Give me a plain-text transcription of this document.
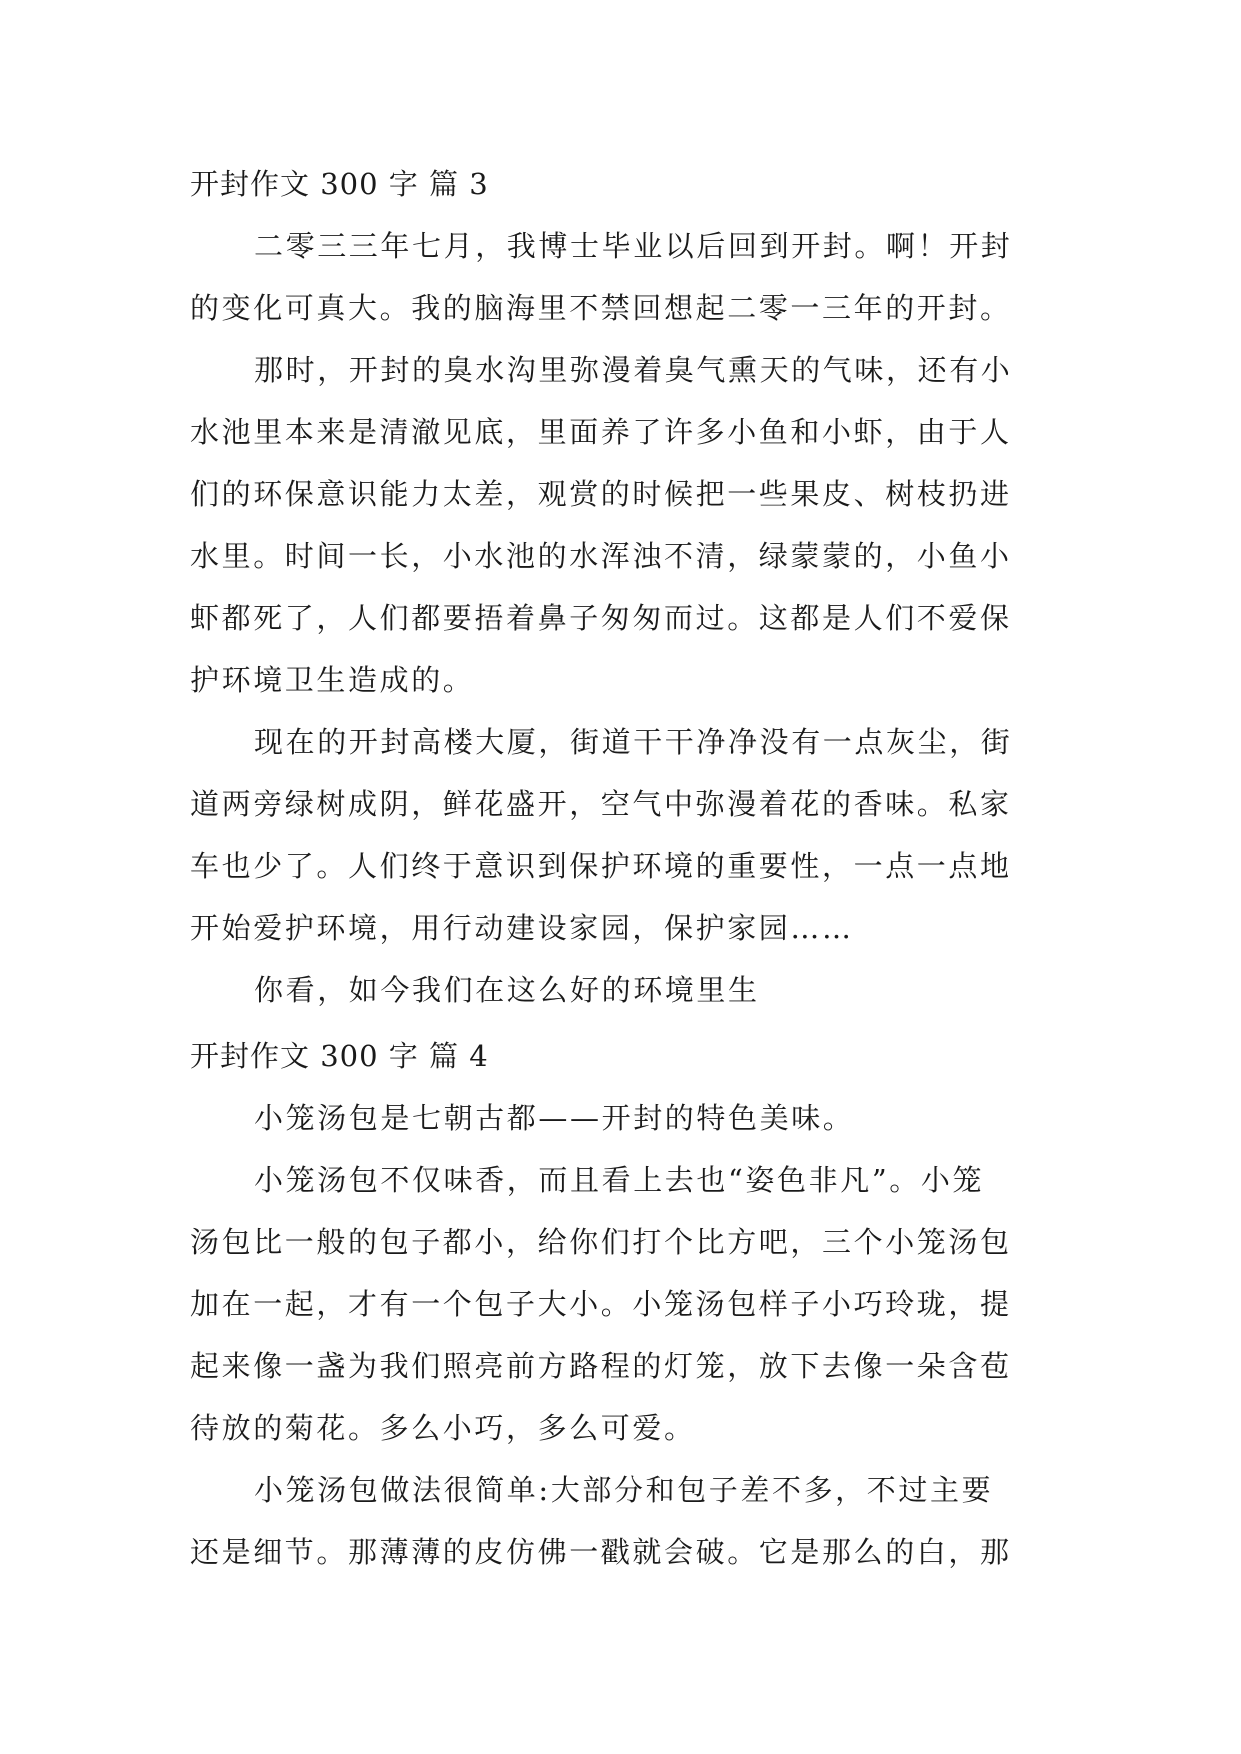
开封作文 300 字 篇 3
二零三三年七月，我博士毕业以后回到开封。啊！开封
的变化可真大。我的脑海里不禁回想起二零一三年的开封。
那时，开封的臭水沟里弥漫着臭气熏天的气味，还有小
水池里本来是清澈见底，里面养了许多小鱼和小虾，由于人
们的环保意识能力太差，观赏的时候把一些果皮、树枝扔进
水里。时间一长，小水池的水浑浊不清，绿蒙蒙的，小鱼小
虾都死了，人们都要捂着鼻子匆匆而过。这都是人们不爱保
护环境卫生造成的。
现在的开封高楼大厦，街道干干净净没有一点灰尘，街
道两旁绿树成阴，鲜花盛开，空气中弥漫着花的香味。私家
车也少了。人们终于意识到保护环境的重要性，一点一点地
开始爱护环境，用行动建设家园，保护家园……
你看，如今我们在这么好的环境里生
开封作文 300 字 篇 4
小笼汤包是七朝古都——开封的特色美味。
小笼汤包不仅味香，而且看上去也“姿色非凡”。小笼
汤包比一般的包子都小，给你们打个比方吧，三个小笼汤包
加在一起，才有一个包子大小。小笼汤包样子小巧玲珑，提
起来像一盏为我们照亮前方路程的灯笼，放下去像一朵含苞
待放的菊花。多么小巧，多么可爱。
小笼汤包做法很简单:大部分和包子差不多，不过主要
还是细节。那薄薄的皮仿佛一戳就会破。它是那么的白，那
